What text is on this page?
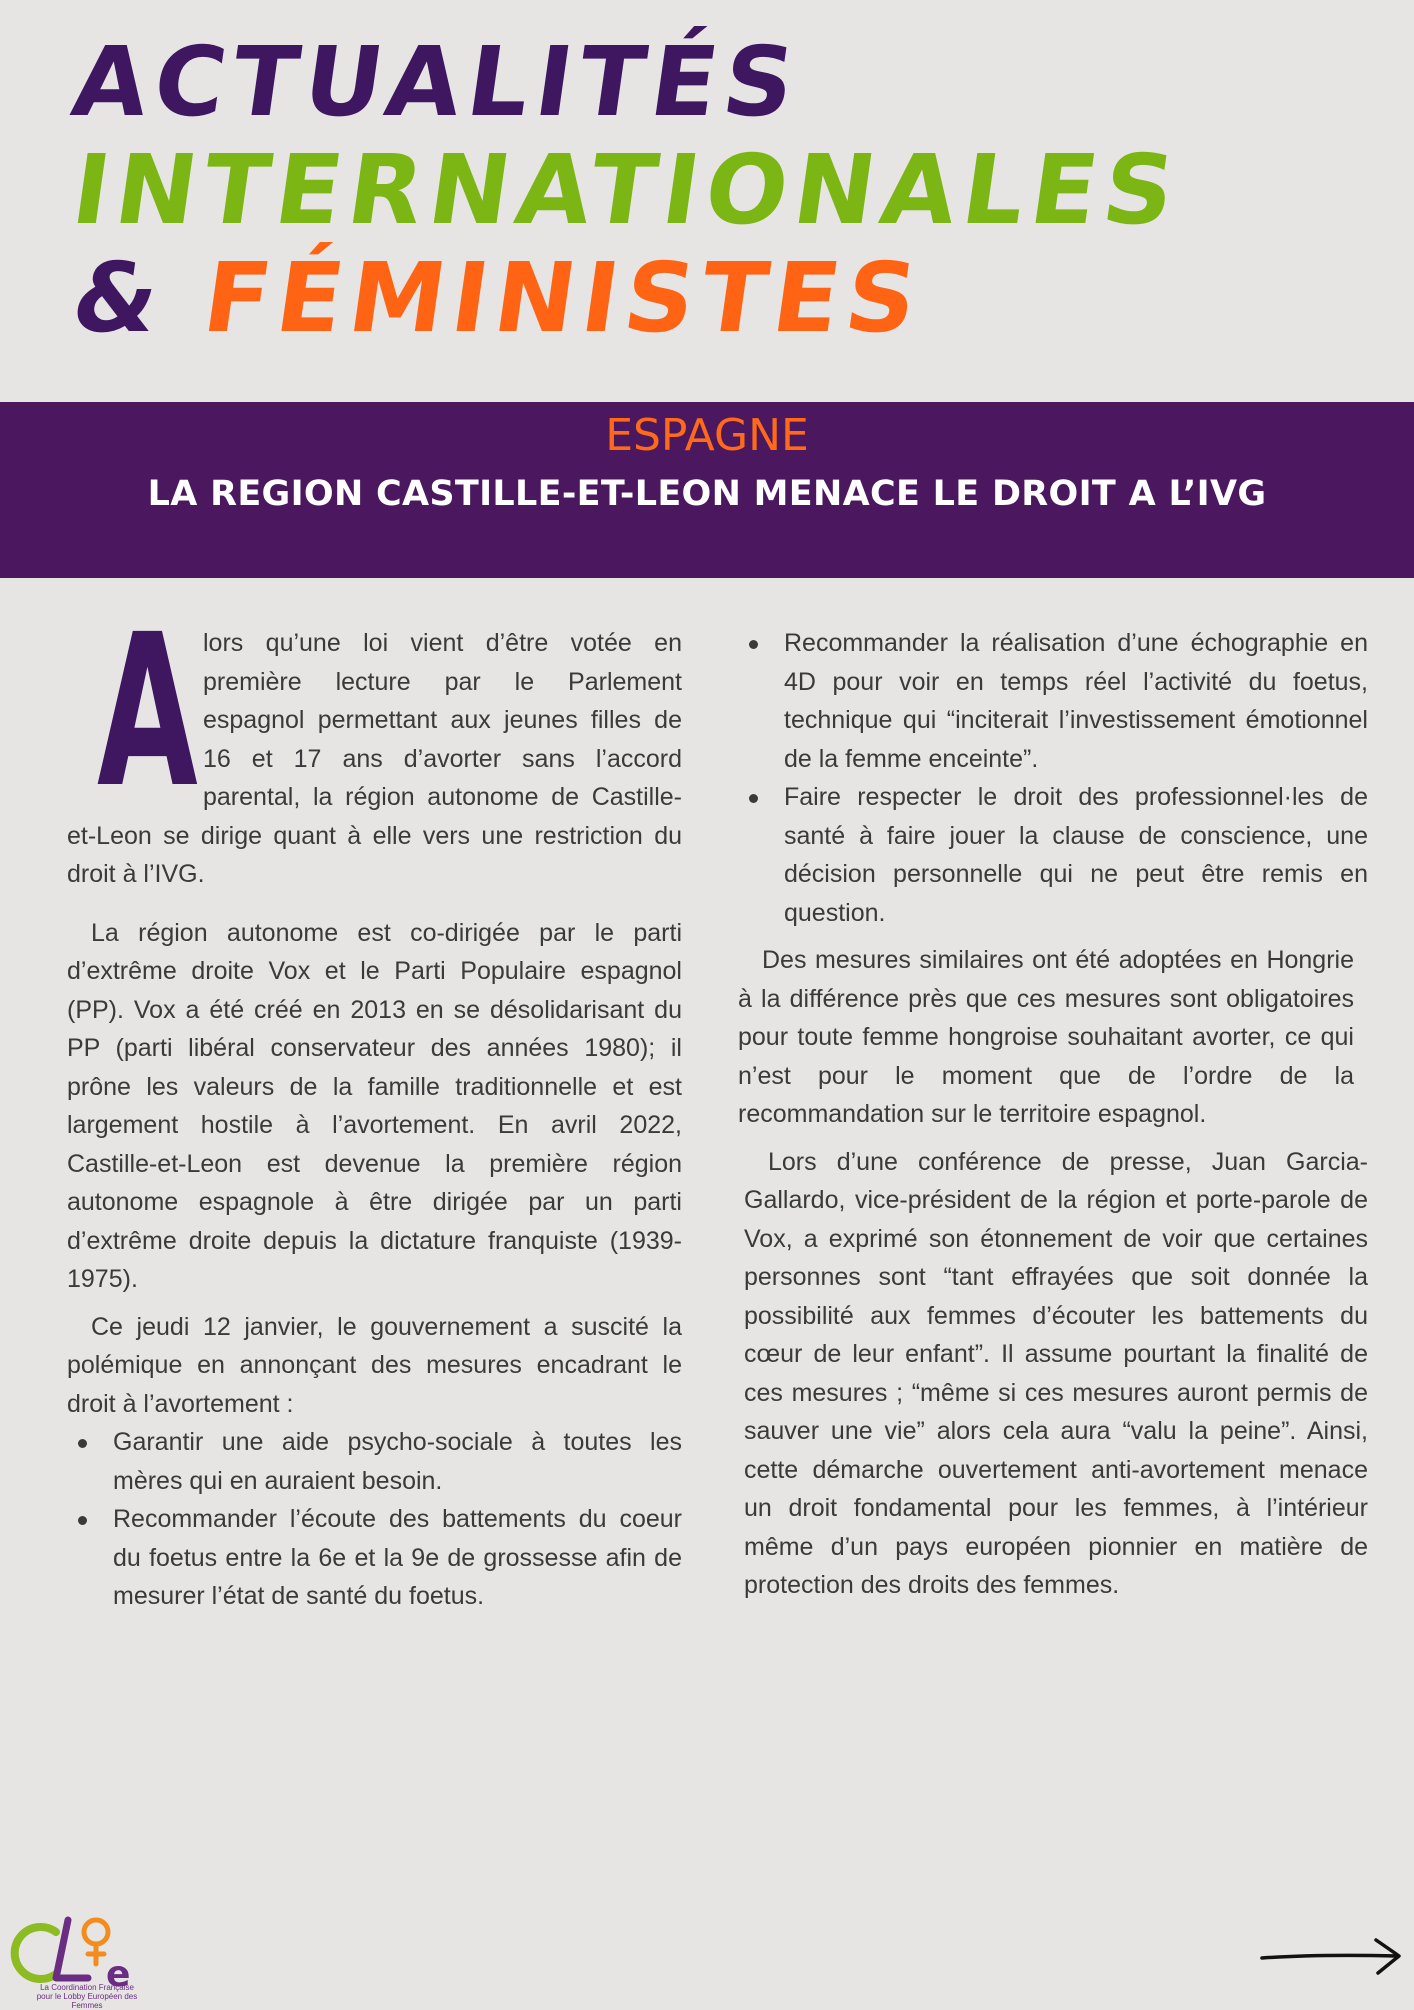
ACTUALITÉS
INTERNATIONALES
& FÉMINISTES
ESPAGNE
LA REGION CASTILLE-ET-LEON MENACE LE DROIT A L’IVG
A lors qu’une loi vient d’être votée en première lecture par le Parlement espagnol permettant aux jeunes filles de 16 et 17 ans d’avorter sans l’accord parental, la région autonome de Castille-et-Leon se dirige quant à elle vers une restriction du droit à l’IVG.

La région autonome est co-dirigée par le parti d’extrême droite Vox et le Parti Populaire espagnol (PP). Vox a été créé en 2013 en se désolidarisant du PP (parti libéral conservateur des années 1980); il prône les valeurs de la famille traditionnelle et est largement hostile à l’avortement. En avril 2022, Castille-et-Leon est devenue la première région autonome espagnole à être dirigée par un parti d’extrême droite depuis la dictature franquiste (1939-1975).

Ce jeudi 12 janvier, le gouvernement a suscité la polémique en annonçant des mesures encadrant le droit à l’avortement :

Garantir une aide psycho-sociale à toutes les mères qui en auraient besoin.
Recommander l’écoute des battements du coeur du foetus entre la 6e et la 9e de grossesse afin de mesurer l’état de santé du foetus.
Recommander la réalisation d’une échographie en 4D pour voir en temps réel l’activité du foetus, technique qui “inciterait l’investissement émotionnel de la femme enceinte”.
Faire respecter le droit des professionnel·les de santé à faire jouer la clause de conscience, une décision personnelle qui ne peut être remis en question.

Des mesures similaires ont été adoptées en Hongrie à la différence près que ces mesures sont obligatoires pour toute femme hongroise souhaitant avorter, ce qui n’est pour le moment que de l’ordre de la recommandation sur le territoire espagnol.

Lors d’une conférence de presse, Juan Garcia-Gallardo, vice-président de la région et porte-parole de Vox, a exprimé son étonnement de voir que certaines personnes sont “tant effrayées que soit donnée la possibilité aux femmes d’écouter les battements du cœur de leur enfant”. Il assume pourtant la finalité de ces mesures ; “même si ces mesures auront permis de sauver une vie” alors cela aura “valu la peine”. Ainsi, cette démarche ouvertement anti-avortement menace un droit fondamental pour les femmes, à l’intérieur même d’un pays européen pionnier en matière de protection des droits des femmes.

e
La Coordination Française
pour le Lobby Européen des Femmes
